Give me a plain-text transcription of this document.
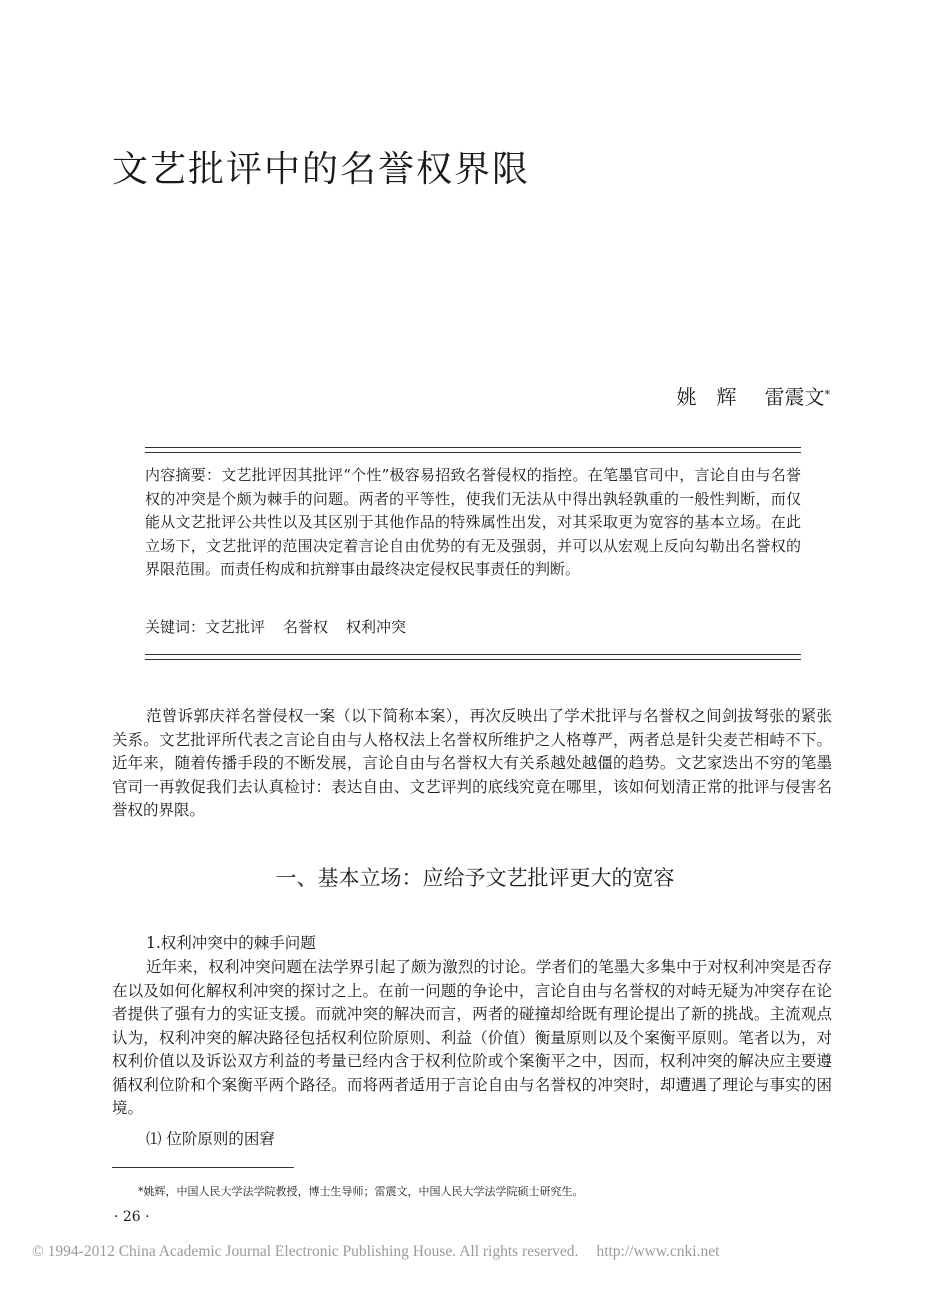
文艺批评中的名誉权界限
姚　辉 雷震文*

内容摘要：文艺批评因其批评“个性”极容易招致名誉侵权的指控。在笔墨官司中，言论自由与名誉权的冲突是个颇为棘手的问题。两者的平等性，使我们无法从中得出孰轻孰重的一般性判断，而仅能从文艺批评公共性以及其区别于其他作品的特殊属性出发，对其采取更为宽容的基本立场。在此立场下，文艺批评的范围决定着言论自由优势的有无及强弱，并可以从宏观上反向勾勒出名誉权的界限范围。而责任构成和抗辩事由最终决定侵权民事责任的判断。

关键词：文艺批评 名誉权 权利冲突

范曾诉郭庆祥名誉侵权一案（以下简称本案），再次反映出了学术批评与名誉权之间剑拔弩张的紧张关系。文艺批评所代表之言论自由与人格权法上名誉权所维护之人格尊严，两者总是针尖麦芒相峙不下。近年来，随着传播手段的不断发展，言论自由与名誉权大有关系越处越僵的趋势。文艺家迭出不穷的笔墨官司一再敦促我们去认真检讨：表达自由、文艺评判的底线究竟在哪里，该如何划清正常的批评与侵害名誉权的界限。

一、基本立场：应给予文艺批评更大的宽容
1.权利冲突中的棘手问题

近年来，权利冲突问题在法学界引起了颇为激烈的讨论。学者们的笔墨大多集中于对权利冲突是否存在以及如何化解权利冲突的探讨之上。在前一问题的争论中，言论自由与名誉权的对峙无疑为冲突存在论者提供了强有力的实证支援。而就冲突的解决而言，两者的碰撞却给既有理论提出了新的挑战。主流观点认为，权利冲突的解决路径包括权利位阶原则、利益（价值）衡量原则以及个案衡平原则。笔者以为，对权利价值以及诉讼双方利益的考量已经内含于权利位阶或个案衡平之中，因而，权利冲突的解决应主要遵循权利位阶和个案衡平两个路径。而将两者适用于言论自由与名誉权的冲突时，却遭遇了理论与事实的困境。

⑴ 位阶原则的困窘
*姚辉，中国人民大学法学院教授，博士生导师；雷震文，中国人民大学法学院硕士研究生。
· 26 ·
© 1994-2012 China Academic Journal Electronic Publishing House. All rights reserved. http://www.cnki.net
